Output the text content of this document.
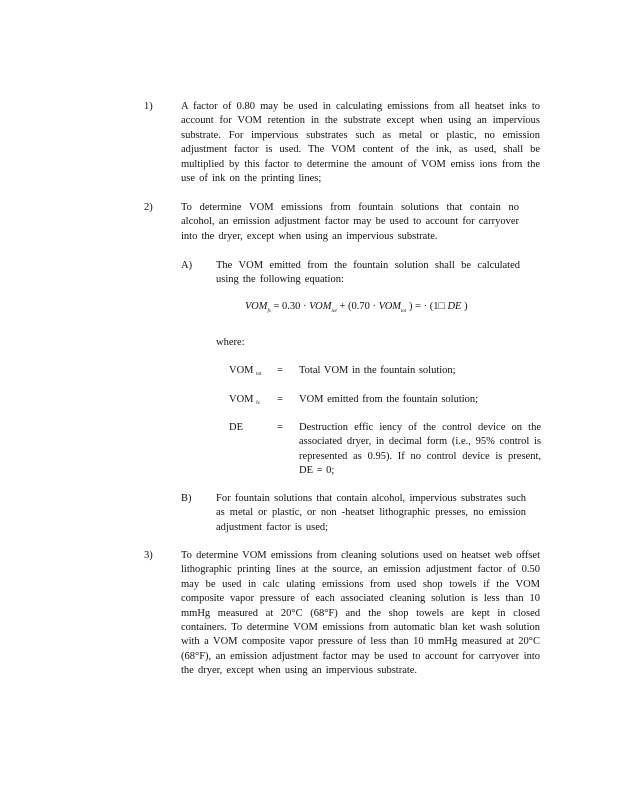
1)	A factor of 0.80 may be used in calculating emissions from all heatset inks to account for VOM retention in the substrate except when using an impervious substrate. For impervious substrates such as metal or plastic, no emission adjustment factor is used. The VOM content of the ink, as used, shall be multiplied by this factor to determine the amount of VOM emiss ions from the use of ink on the printing lines;
2)	To determine VOM emissions from fountain solutions that contain no alcohol, an emission adjustment factor may be used to account for carryover into the dryer, except when using an impervious substrate.
A) The VOM emitted from the fountain solution shall be calculated using the following equation:
$VOM_{fs} = 0.30 \cdot VOM_{tot} + (0.70 \cdot VOM_{tot}$ ) = · (1□ DE )
where:
VOM $_{tot}$ = Total VOM in the fountain solution;
VOM $_{fs}$ = VOM emitted from the fountain solution;
DE	= Destruction effic iency of the control device on the associated dryer, in decimal form (i.e., 95% control is represented as 0.95). If no control device is present, DE = 0;
B) For fountain solutions that contain alcohol, impervious substrates such as metal or plastic, or non -heatset lithographic presses, no emission adjustment factor is used;
3)	To determine VOM emissions from cleaning solutions used on heatset web offset lithographic printing lines at the source, an emission adjustment factor of 0.50 may be used in calc ulating emissions from used shop towels if the VOM composite vapor pressure of each associated cleaning solution is less than 10 mmHg measured at 20°C (68°F) and the shop towels are kept in closed containers. To determine VOM emissions from automatic blan ket wash solution with a VOM composite vapor pressure of less than 10 mmHg measured at 20°C (68°F), an emission adjustment factor may be used to account for carryover into the dryer, except when using an impervious substrate.
